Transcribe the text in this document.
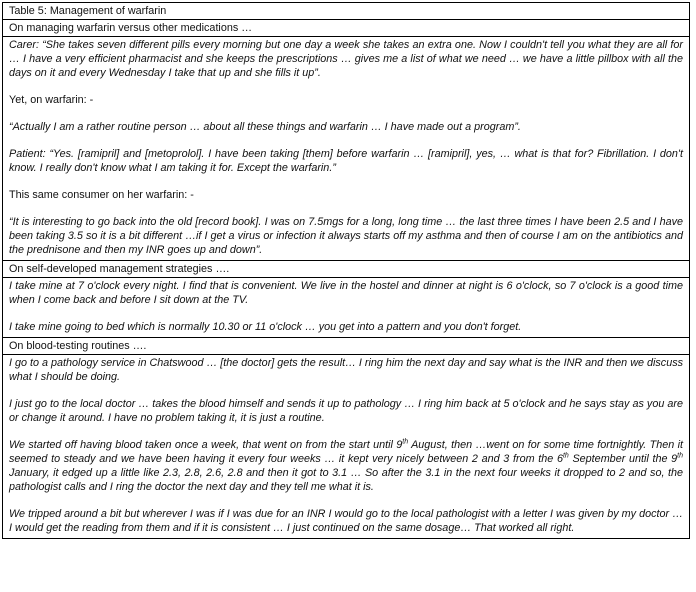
Table 5: Management of warfarin
On managing warfarin versus other medications …

Carer: “She takes seven different pills every morning but one day a week she takes an extra one. Now I couldn't tell you what they are all for … I have a very efficient pharmacist and she keeps the prescriptions … gives me a list of what we need … we have a little pillbox with all the days on it and every Wednesday I take that up and she fills it up”.

Yet, on warfarin: -

“Actually I am a rather routine person … about all these things and warfarin … I have made out a program”.

Patient: “Yes. [ramipril] and [metoprolol]. I have been taking [them] before warfarin … [ramipril], yes, … what is that for? Fibrillation. I don't know. I really don't know what I am taking it for. Except the warfarin.”

This same consumer on her warfarin: -

“It is interesting to go back into the old [record book]. I was on 7.5mgs for a long, long time … the last three times I have been 2.5 and I have been taking 3.5 so it is a bit different …if I get a virus or infection it always starts off my asthma and then of course I am on the antibiotics and the prednisone and then my INR goes up and down”.

On self-developed management strategies ….

I take mine at 7 o'clock every night. I find that is convenient. We live in the hostel and dinner at night is 6 o'clock, so 7 o'clock is a good time when I come back and before I sit down at the TV.

I take mine going to bed which is normally 10.30 or 11 o'clock … you get into a pattern and you don't forget.

On blood-testing routines ….

I go to a pathology service in Chatswood … [the doctor] gets the result… I ring him the next day and say what is the INR and then we discuss what I should be doing.

I just go to the local doctor … takes the blood himself and sends it up to pathology … I ring him back at 5 o'clock and he says stay as you are or change it around. I have no problem taking it, it is just a routine.

We started off having blood taken once a week, that went on from the start until 9th August, then …went on for some time fortnightly. Then it seemed to steady and we have been having it every four weeks … it kept very nicely between 2 and 3 from the 6th September until the 9th January, it edged up a little like 2.3, 2.8, 2.6, 2.8 and then it got to 3.1 … So after the 3.1 in the next four weeks it dropped to 2 and so, the pathologist calls and I ring the doctor the next day and they tell me what it is.

We tripped around a bit but wherever I was if I was due for an INR I would go to the local pathologist with a letter I was given by my doctor …I would get the reading from them and if it is consistent … I just continued on the same dosage… That worked all right.
